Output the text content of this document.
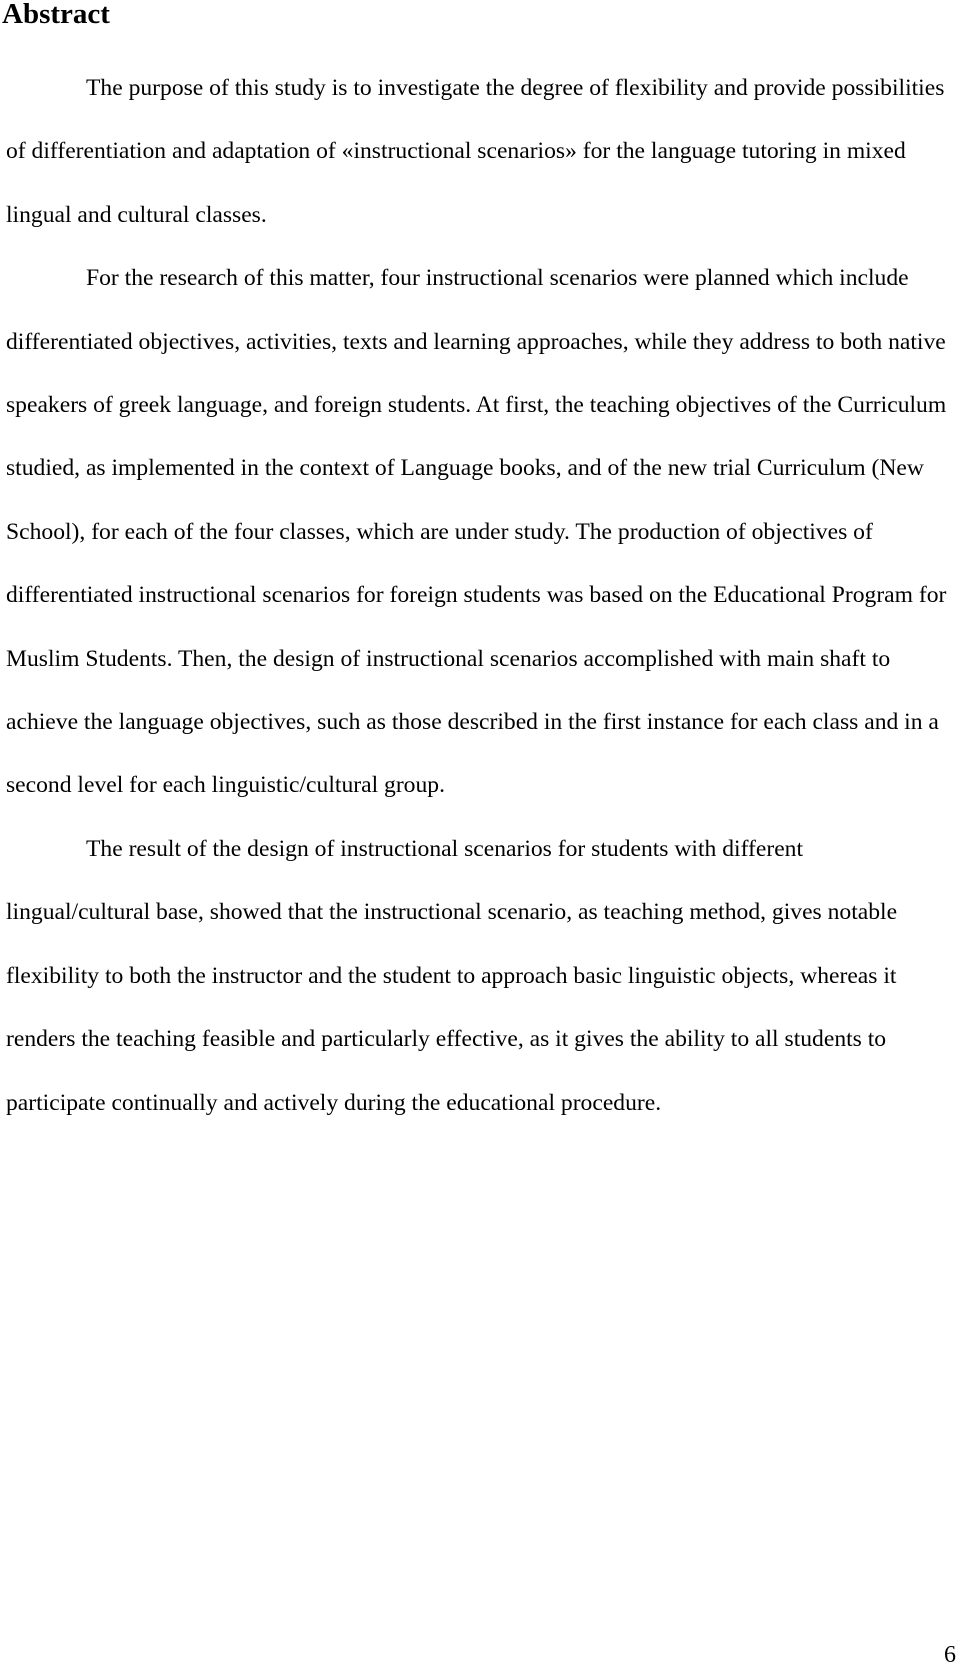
Abstract

The purpose of this study is to investigate the degree of flexibility and provide possibilities of differentiation and adaptation of «instructional scenarios» for the language tutoring in mixed lingual and cultural classes.

For the research of this matter, four instructional scenarios were planned which include differentiated objectives, activities, texts and learning approaches, while they address to both native speakers of greek language, and foreign students. At first, the teaching objectives of the Curriculum studied, as implemented in the context of Language books, and of the new trial Curriculum (New School), for each of the four classes, which are under study. The production of objectives of differentiated instructional scenarios for foreign students was based on the Educational Program for Muslim Students. Then, the design of instructional scenarios accomplished with main shaft to achieve the language objectives, such as those described in the first instance for each class and in a second level for each linguistic/cultural group.

The result of the design of instructional scenarios for students with different lingual/cultural base, showed that the instructional scenario, as teaching method, gives notable flexibility to both the instructor and the student to approach basic linguistic objects, whereas it renders the teaching feasible and particularly effective, as it gives the ability to all students to participate continually and actively during the educational procedure.

6
